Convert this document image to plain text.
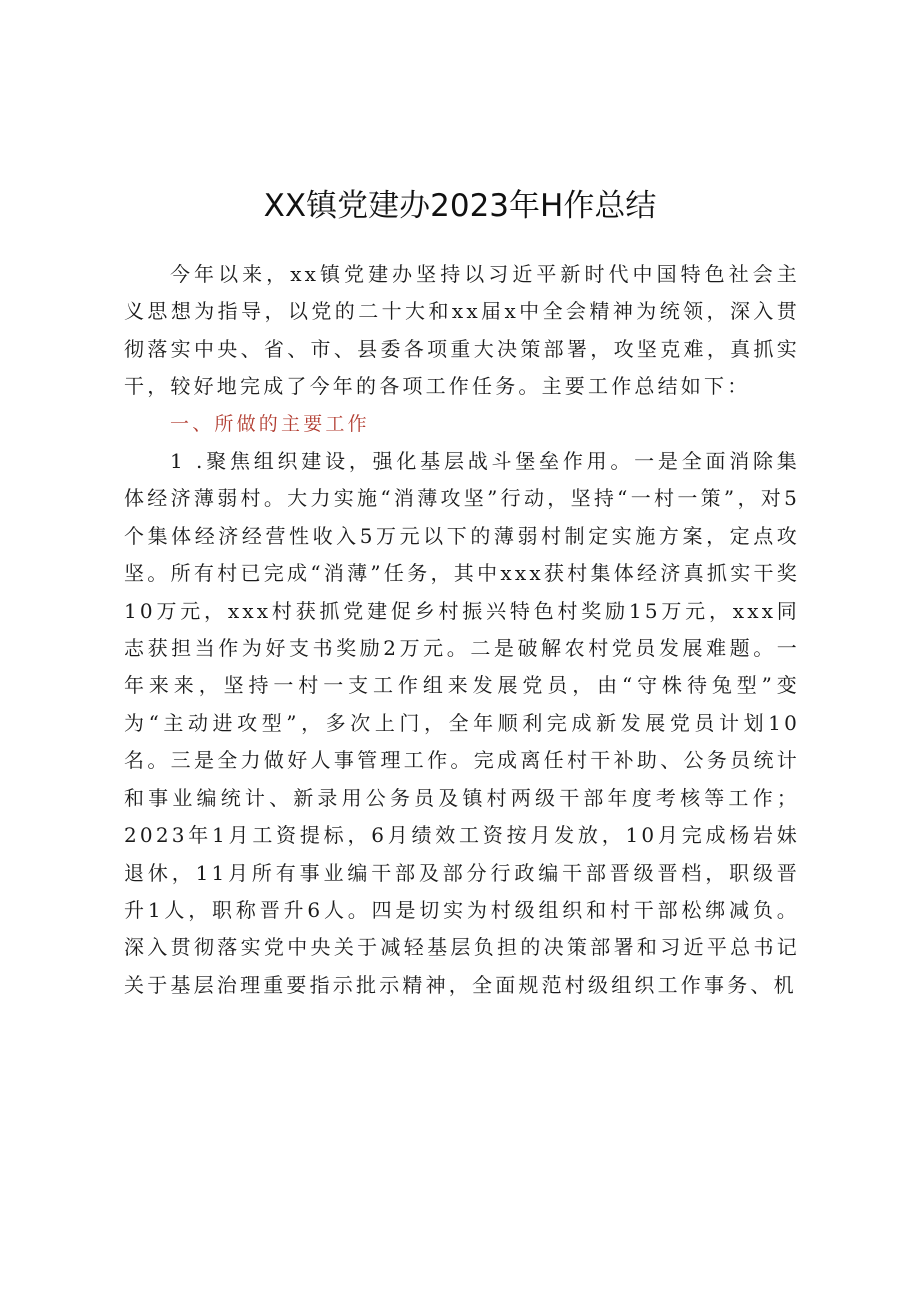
XX镇党建办2023年H作总结

今年以来，xx镇党建办坚持以习近平新时代中国特色社会主义思想为指导，以党的二十大和xx届x中全会精神为统领，深入贯彻落实中央、省、市、县委各项重大决策部署，攻坚克难，真抓实干，较好地完成了今年的各项工作任务。主要工作总结如下：

一、所做的主要工作

1 .聚焦组织建设，强化基层战斗堡垒作用。一是全面消除集体经济薄弱村。大力实施“消薄攻坚”行动，坚持“一村一策”，对5个集体经济经营性收入5万元以下的薄弱村制定实施方案，定点攻坚。所有村已完成“消薄”任务，其中xxx获村集体经济真抓实干奖10万元，xxx村获抓党建促乡村振兴特色村奖励15万元，xxx同志获担当作为好支书奖励2万元。二是破解农村党员发展难题。一年来来，坚持一村一支工作组来发展党员，由“守株待兔型”变为“主动进攻型”，多次上门，全年顺利完成新发展党员计划10名。三是全力做好人事管理工作。完成离任村干补助、公务员统计和事业编统计、新录用公务员及镇村两级干部年度考核等工作；2023年1月工资提标，6月绩效工资按月发放，10月完成杨岩妹退休，11月所有事业编干部及部分行政编干部晋级晋档，职级晋升1人，职称晋升6人。四是切实为村级组织和村干部松绑减负。深入贯彻落实党中央关于减轻基层负担的决策部署和习近平总书记关于基层治理重要指示批示精神，全面规范村级组织工作事务、机
